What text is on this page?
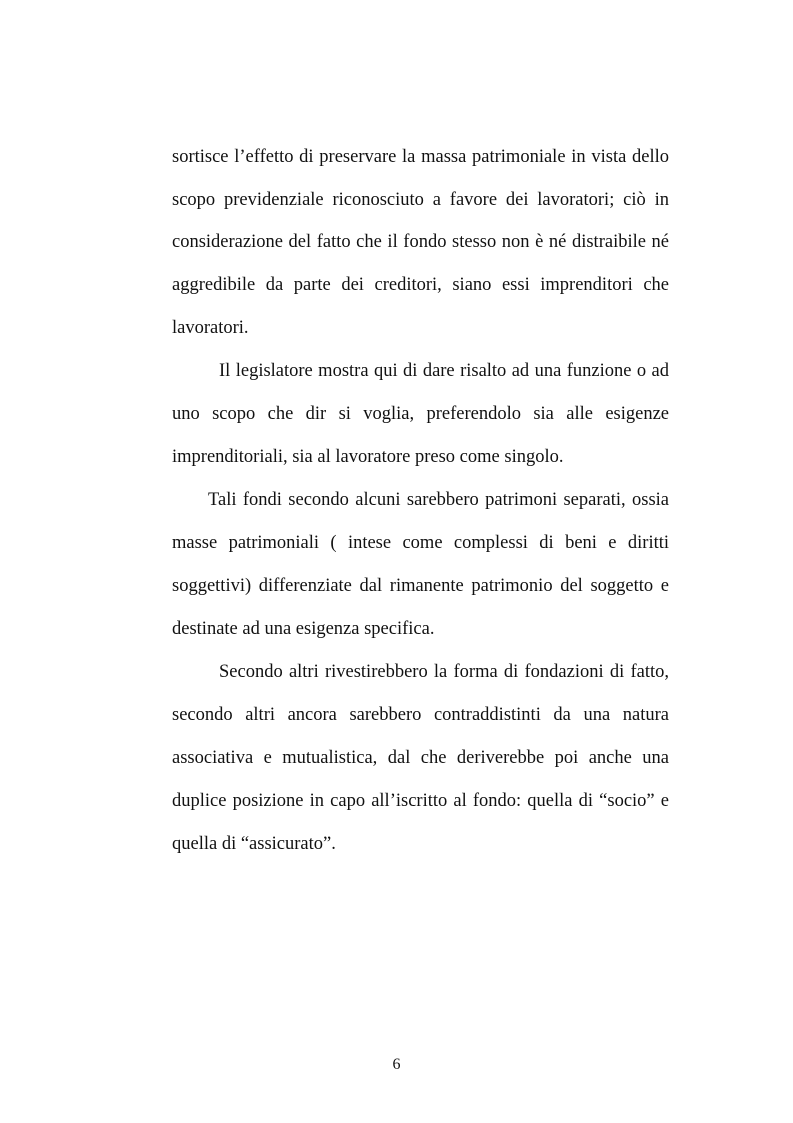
sortisce l’effetto di preservare la massa patrimoniale in vista dello
scopo previdenziale riconosciuto a favore dei lavoratori; ciò in
considerazione del fatto che il fondo stesso non è né distraibile né
aggredibile da parte dei creditori, siano essi imprenditori che
lavoratori.
Il legislatore mostra qui di dare risalto ad una funzione o ad
uno scopo che dir si voglia, preferendolo sia alle esigenze
imprenditoriali, sia al lavoratore preso come singolo.
Tali fondi secondo alcuni sarebbero patrimoni separati, ossia
masse patrimoniali ( intese come complessi di beni e diritti
soggettivi) differenziate dal rimanente patrimonio del soggetto e
destinate ad una esigenza specifica.
Secondo altri rivestirebbero la forma di fondazioni di fatto,
secondo altri ancora sarebbero contraddistinti da una natura
associativa e mutualistica, dal che deriverebbe poi anche una
duplice posizione in capo all’iscritto al fondo: quella di “socio” e
quella di “assicurato”.
6
